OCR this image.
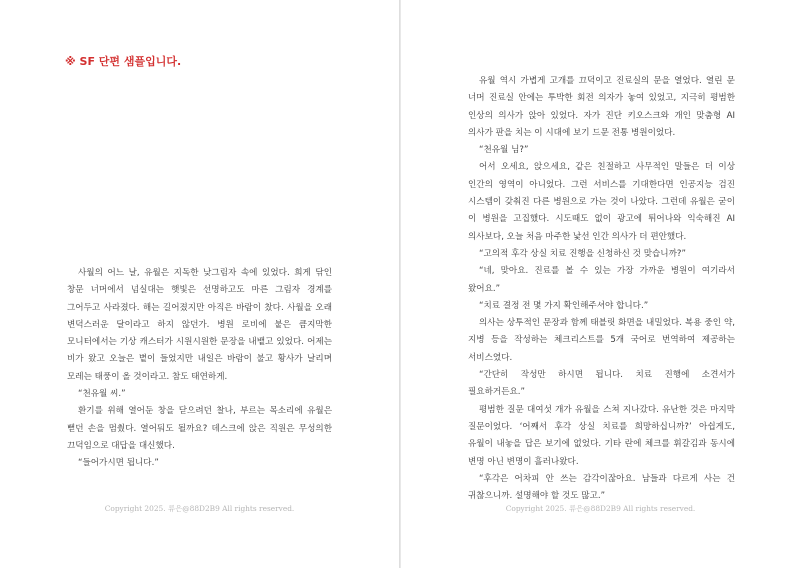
※ SF 단편 샘플입니다.

사월의 어느 날, 유월은 지독한 낮그림자 속에 있었다. 희게 닦인 창문 너머에서 넘실대는 햇빛은 선명하고도 마른 그림자 경계를 그어두고 사라졌다. 해는 길어졌지만 아직은 바람이 찼다. 사월을 오래 변덕스러운 달이라고 하지 않던가. 병원 로비에 붙은 큼지막한 모니터에서는 기상 캐스터가 시원시원한 문장을 내뱉고 있었다. 어제는 비가 왔고 오늘은 볕이 들었지만 내일은 바람이 불고 황사가 날리며 모레는 태풍이 올 것이라고. 참도 태연하게.

“천유월 씨.”

환기를 위해 열어둔 창을 닫으려던 찰나, 부르는 목소리에 유월은 뻗던 손을 멈췄다. 열어둬도 될까요? 데스크에 앉은 직원은 무성의한 끄덕임으로 대답을 대신했다.

“들어가시면 됩니다.”

Copyright 2025. 류은@88D2B9 All rights reserved.

유월 역시 가볍게 고개를 끄덕이고 진료실의 문을 열었다. 열린 문 너머 진료실 안에는 투박한 회전 의자가 놓여 있었고, 지극히 평범한 인상의 의사가 앉아 있었다. 자가 진단 키오스크와 개인 맞춤형 AI 의사가 판을 치는 이 시대에 보기 드문 전통 병원이었다.

“천유월 님?”

어서 오세요, 앉으세요, 같은 친절하고 사무적인 말들은 더 이상 인간의 영역이 아니었다. 그런 서비스를 기대한다면 인공지능 검진 시스템이 갖춰진 다른 병원으로 가는 것이 나았다. 그런데 유월은 굳이 이 병원을 고집했다. 시도때도 없이 광고에 튀어나와 익숙해진 AI 의사보다, 오늘 처음 마주한 낯선 인간 의사가 더 편안했다.

“고의적 후각 상실 치료 진행을 신청하신 것 맞습니까?”

“네, 맞아요. 진료를 볼 수 있는 가장 가까운 병원이 여기라서 왔어요.”

“치료 결정 전 몇 가지 확인해주셔야 합니다.”

의사는 상투적인 문장과 함께 태블릿 화면을 내밀었다. 복용 중인 약, 지병 등을 작성하는 체크리스트를 5개 국어로 번역하여 제공하는 서비스였다.

“간단히 작성만 하시면 됩니다. 치료 진행에 소견서가 필요하거든요.”

평범한 질문 대여섯 개가 유월을 스쳐 지나갔다. 유난한 것은 마지막 질문이었다. ‘어째서 후각 상실 치료를 희망하십니까?’ 아쉽게도, 유월이 내놓을 답은 보기에 없었다. 기타 란에 체크를 휘갈김과 동시에 변명 아닌 변명이 흘러나왔다.

“후각은 어차피 안 쓰는 감각이잖아요. 남들과 다르게 사는 건 귀찮으니까. 설명해야 할 것도 많고.”

Copyright 2025. 류은@88D2B9 All rights reserved.
